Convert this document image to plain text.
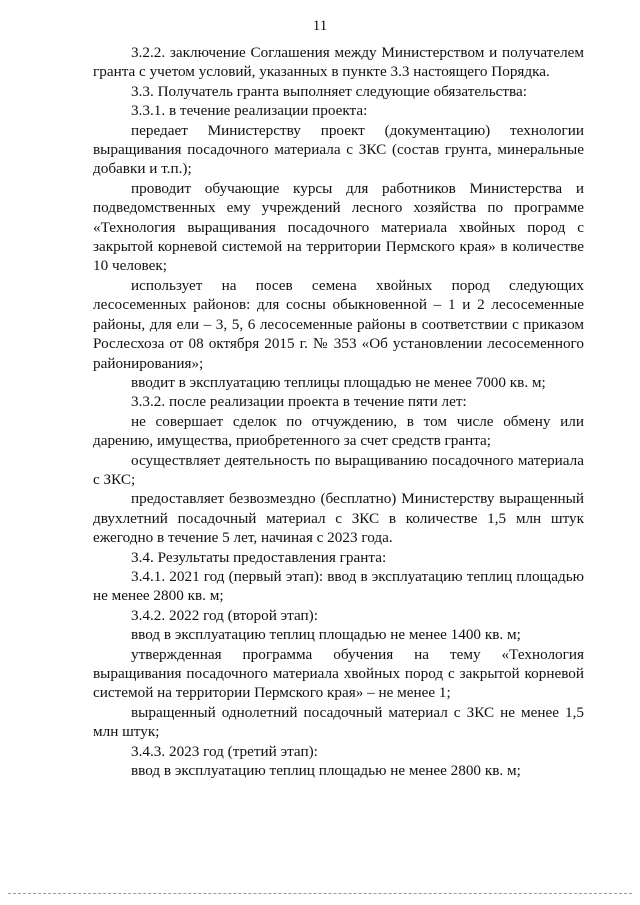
11

3.2.2. заключение Соглашения между Министерством и получателем гранта с учетом условий, указанных в пункте 3.3 настоящего Порядка.

3.3. Получатель гранта выполняет следующие обязательства:

3.3.1. в течение реализации проекта:

передает Министерству проект (документацию) технологии выращивания посадочного материала с ЗКС (состав грунта, минеральные добавки и т.п.);

проводит обучающие курсы для работников Министерства и подведомственных ему учреждений лесного хозяйства по программе «Технология выращивания посадочного материала хвойных пород с закрытой корневой системой на территории Пермского края» в количестве 10 человек;

использует на посев семена хвойных пород следующих лесосеменных районов: для сосны обыкновенной – 1 и 2 лесосеменные районы, для ели – 3, 5, 6 лесосеменные районы в соответствии с приказом Рослесхоза от 08 октября 2015 г. № 353 «Об установлении лесосеменного районирования»;

вводит в эксплуатацию теплицы площадью не менее 7000 кв. м;

3.3.2. после реализации проекта в течение пяти лет:

не совершает сделок по отчуждению, в том числе обмену или дарению, имущества, приобретенного за счет средств гранта;

осуществляет деятельность по выращиванию посадочного материала с ЗКС;

предоставляет безвозмездно (бесплатно) Министерству выращенный двухлетний посадочный материал с ЗКС в количестве 1,5 млн штук ежегодно в течение 5 лет, начиная с 2023 года.

3.4. Результаты предоставления гранта:

3.4.1. 2021 год (первый этап): ввод в эксплуатацию теплиц площадью не менее 2800 кв. м;

3.4.2. 2022 год (второй этап):

ввод в эксплуатацию теплиц площадью не менее 1400 кв. м;

утвержденная программа обучения на тему «Технология выращивания посадочного материала хвойных пород с закрытой корневой системой на территории Пермского края» – не менее 1;

выращенный однолетний посадочный материал с ЗКС не менее 1,5 млн штук;

3.4.3. 2023 год (третий этап):

ввод в эксплуатацию теплиц площадью не менее 2800 кв. м;
